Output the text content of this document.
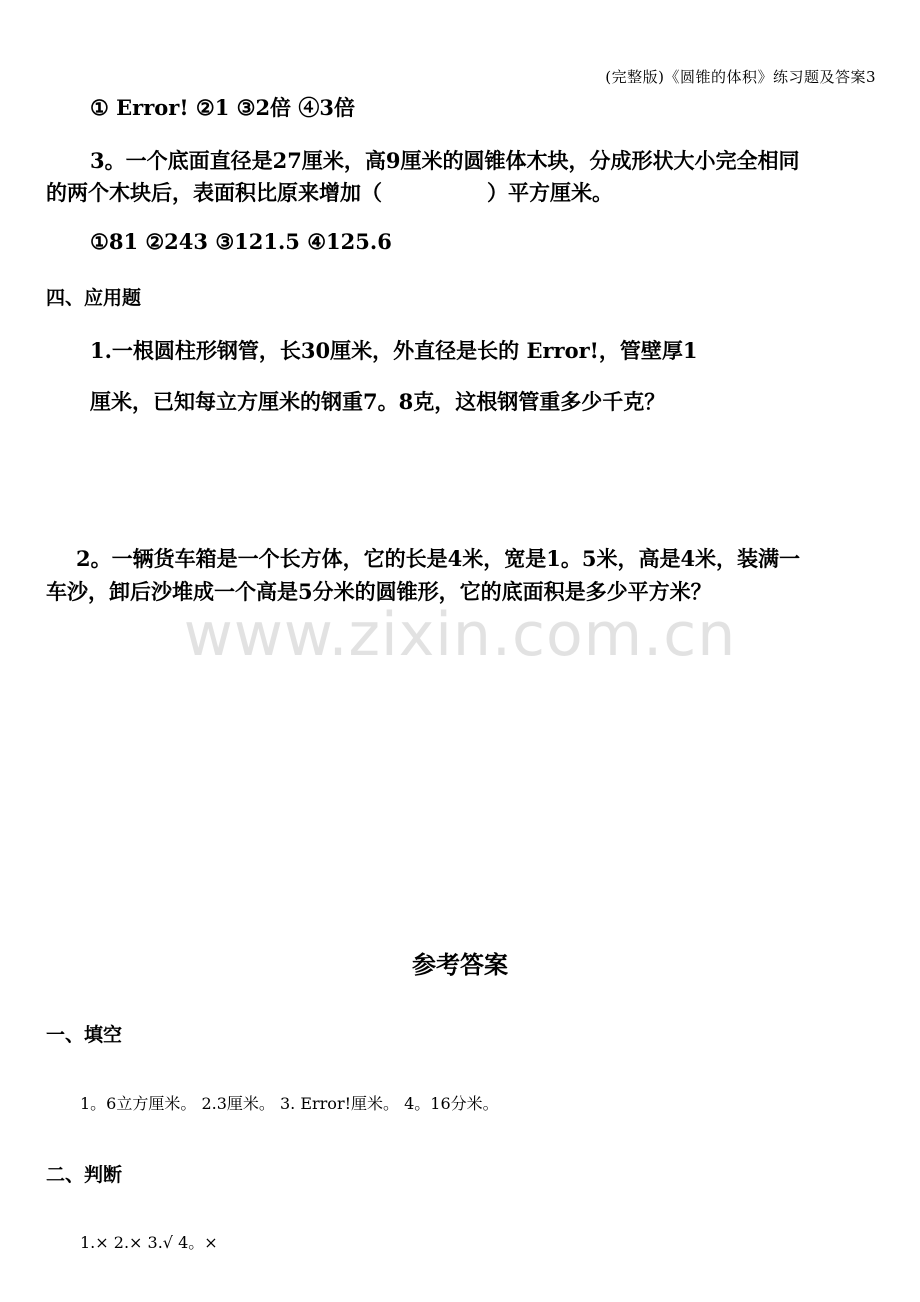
(完整版)《圆锥的体积》练习题及答案3
① Error! ②1 ③2倍 ④3倍
3。一个底面直径是27厘米，高9厘米的圆锥体木块，分成形状大小完全相同
的两个木块后，表面积比原来增加（　　　　　）平方厘米。
①81 ②243 ③121.5 ④125.6
四、应用题
1.一根圆柱形钢管，长30厘米，外直径是长的 Error!，管壁厚1
厘米，已知每立方厘米的钢重7。8克，这根钢管重多少千克？
2。一辆货车箱是一个长方体，它的长是4米，宽是1。5米，高是4米，装满一
车沙，卸后沙堆成一个高是5分米的圆锥形，它的底面积是多少平方米？
www.zixin.com.cn
参考答案
一、填空
1。6立方厘米。 2.3厘米。 3. Error!厘米。 4。16分米。
二、判断
1.× 2.× 3.√ 4。×
